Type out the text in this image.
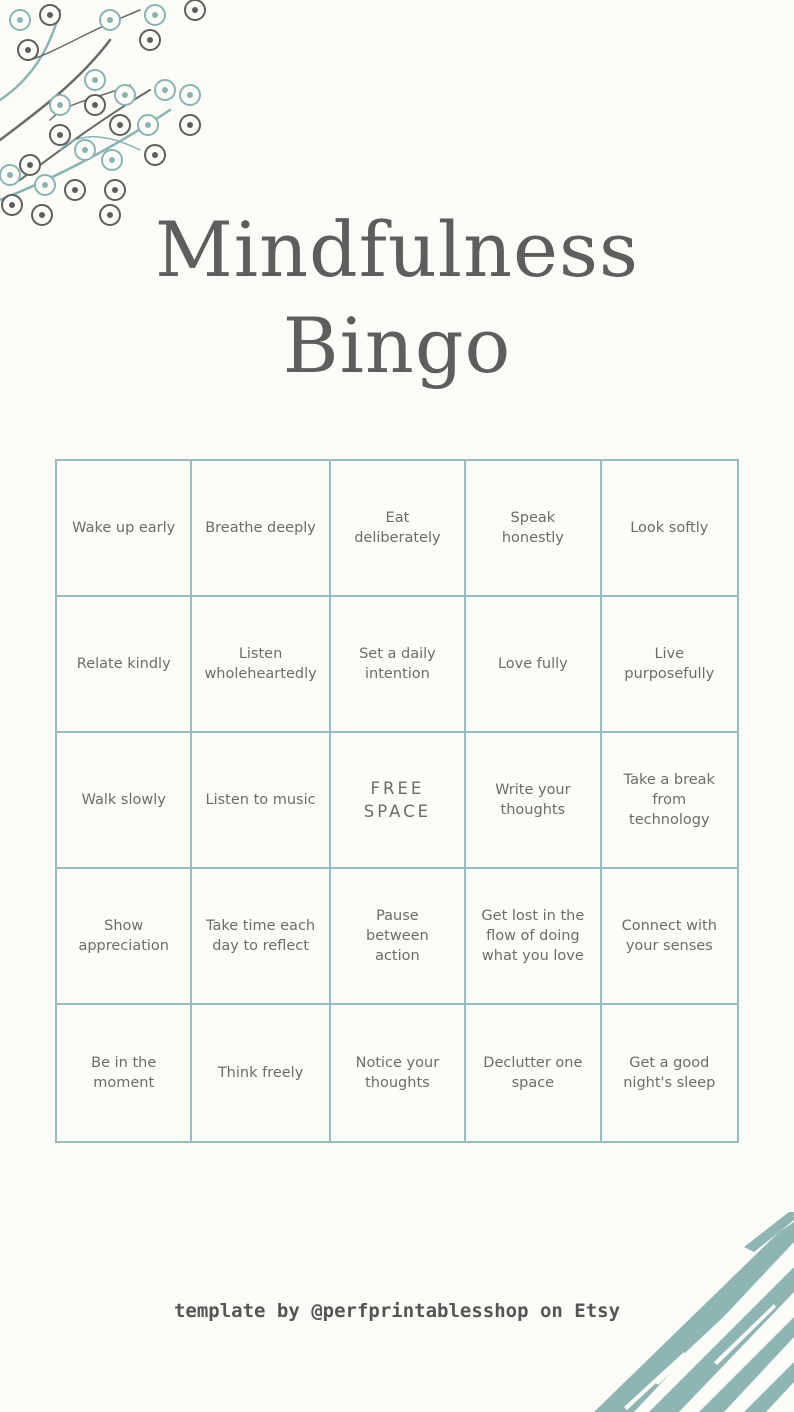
Mindfulness
Bingo
Wake up early Breathe deeply
Eat deliberately
Speak honestly
Look softly
Relate kindly
Listen wholeheartedly
Set a daily intention
Love fully
Live purposefully
Walk slowly	Listen to music
FREE SPACE
Write your thoughts
Take a break from technology
Show appreciation
Take time each day to reflect
Pause between action
Get lost in the flow of doing what you love
Connect with your senses
Be in the moment
Think freely
Notice your thoughts
Declutter one space
Get a good night's sleep
template by @perfprintablesshop on Etsy
